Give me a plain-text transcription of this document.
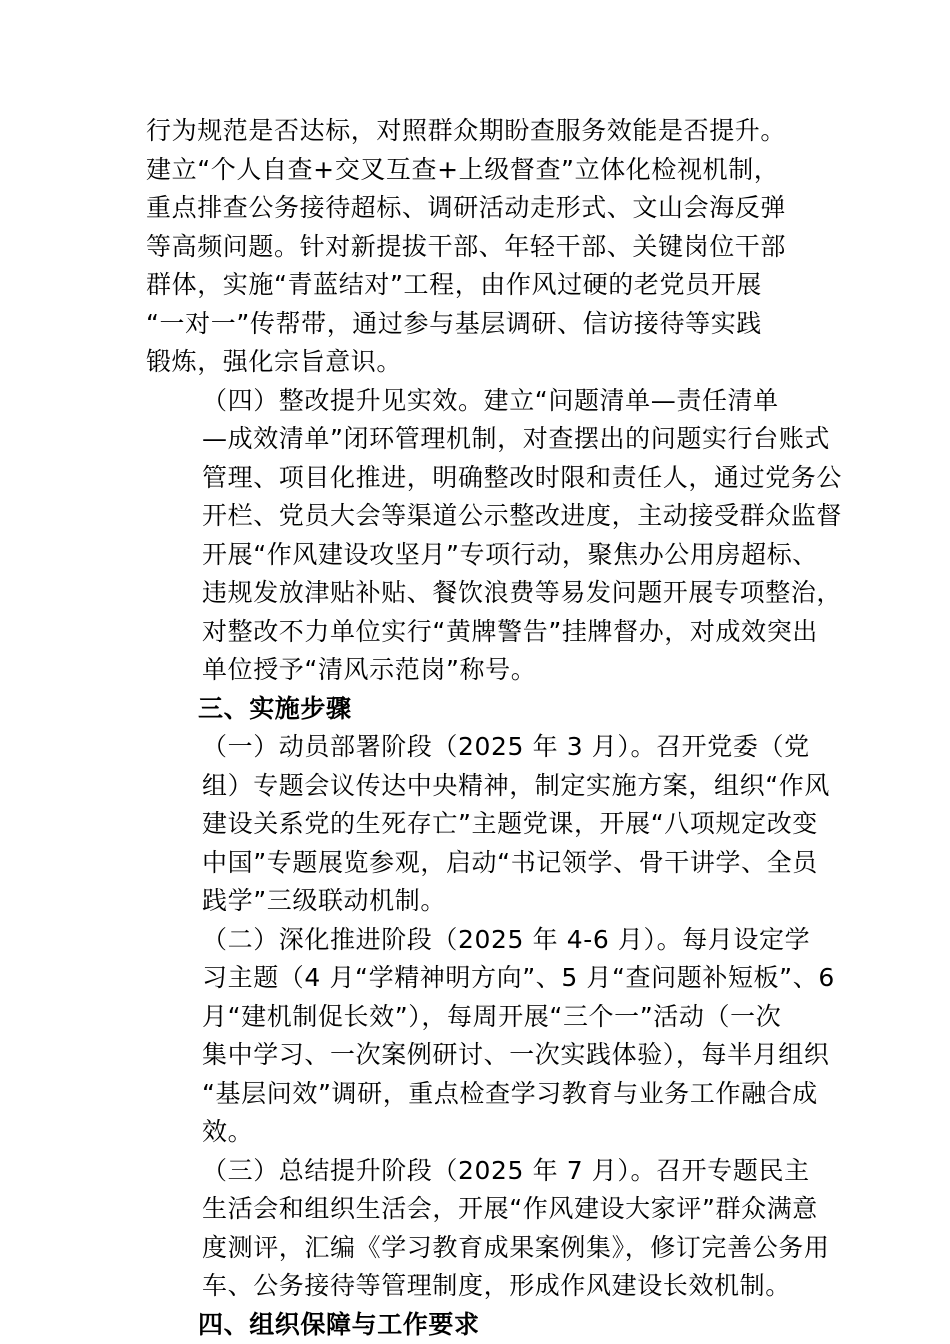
行为规范是否达标，对照群众期盼查服务效能是否提升。
建立“个人自查+交叉互查+上级督查”立体化检视机制，
重点排查公务接待超标、调研活动走形式、文山会海反弹
等高频问题。针对新提拔干部、年轻干部、关键岗位干部
群体，实施“青蓝结对”工程，由作风过硬的老党员开展
“一对一”传帮带，通过参与基层调研、信访接待等实践
锻炼，强化宗旨意识。
（四）整改提升见实效。建立“问题清单—责任清单
—成效清单”闭环管理机制，对查摆出的问题实行台账式
管理、项目化推进，明确整改时限和责任人，通过党务公
开栏、党员大会等渠道公示整改进度，主动接受群众监督
开展“作风建设攻坚月”专项行动，聚焦办公用房超标、
违规发放津贴补贴、餐饮浪费等易发问题开展专项整治，
对整改不力单位实行“黄牌警告”挂牌督办，对成效突出
单位授予“清风示范岗”称号。
三、实施步骤
（一）动员部署阶段（2025 年 3 月）。召开党委（党
组）专题会议传达中央精神，制定实施方案，组织“作风
建设关系党的生死存亡”主题党课，开展“八项规定改变
中国”专题展览参观，启动“书记领学、骨干讲学、全员
践学”三级联动机制。
（二）深化推进阶段（2025 年 4-6 月）。每月设定学
习主题（4 月“学精神明方向”、5 月“查问题补短板”、6
月“建机制促长效”），每周开展“三个一”活动（一次
集中学习、一次案例研讨、一次实践体验），每半月组织
“基层问效”调研，重点检查学习教育与业务工作融合成
效。
（三）总结提升阶段（2025 年 7 月）。召开专题民主
生活会和组织生活会，开展“作风建设大家评”群众满意
度测评，汇编《学习教育成果案例集》，修订完善公务用
车、公务接待等管理制度，形成作风建设长效机制。
四、组织保障与工作要求
